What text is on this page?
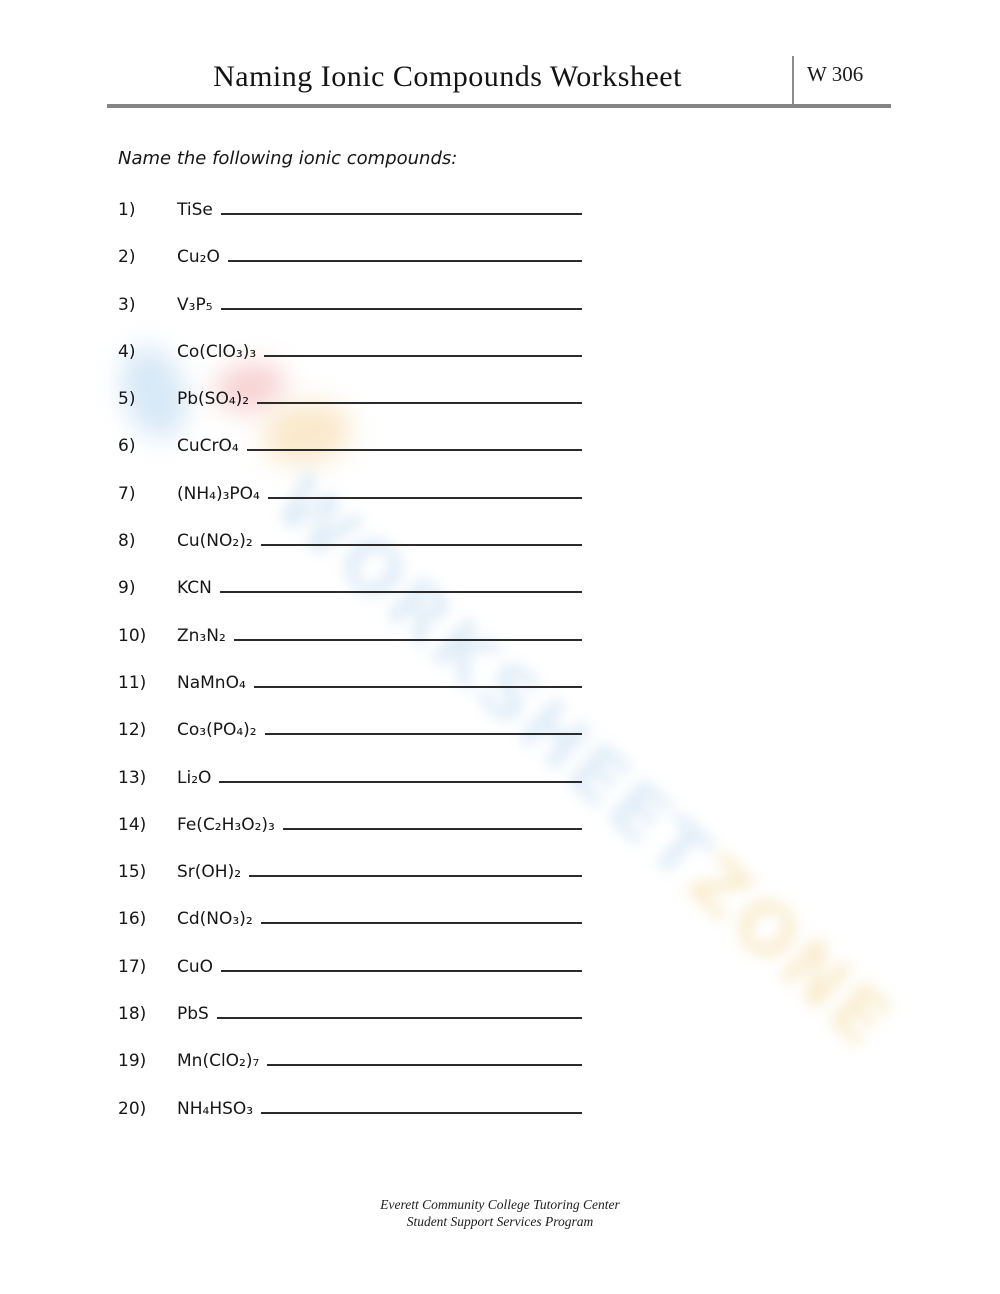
WORKSHEETZONE
Naming Ionic Compounds Worksheet	W 306
Name the following ionic compounds:
1)	TiSe
2)	Cu₂O
3)	V₃P₅
4)	Co(ClO₃)₃
5)	Pb(SO₄)₂
6)	CuCrO₄
7)	(NH₄)₃PO₄
8)	Cu(NO₂)₂
9)	KCN
10)	Zn₃N₂
11)	NaMnO₄
12)	Co₃(PO₄)₂
13)	Li₂O
14)	Fe(C₂H₃O₂)₃
15)	Sr(OH)₂
16)	Cd(NO₃)₂
17)	CuO
18)	PbS
19)	Mn(ClO₂)₇
20)	NH₄HSO₃
Everett Community College Tutoring Center
Student Support Services Program
